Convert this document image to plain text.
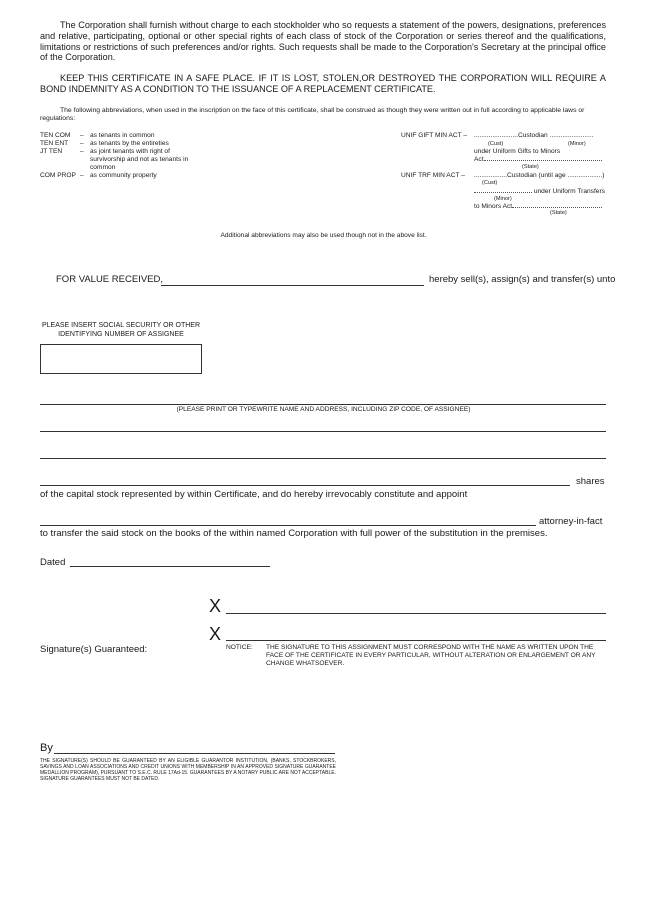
The Corporation shall furnish without charge to each stockholder who so requests a statement of the powers, designations, preferences and relative, participating, optional or other special rights of each class of stock of the Corporation or series thereof and the qualifications, limitations or restrictions of such preferences and/or rights. Such requests shall be made to the Corporation's Secretary at the principal office of the Corporation.
KEEP THIS CERTIFICATE IN A SAFE PLACE. IF IT IS LOST, STOLEN,OR DESTROYED THE CORPORATION WILL REQUIRE A BOND INDEMNITY AS A CONDITION TO THE ISSUANCE OF A REPLACEMENT CERTIFICATE.
The following abbreviations, when used in the inscription on the face of this certificate, shall be construed as though they were written out in full according to applicable laws or regulations:
TEN COM	– as tenants in common
TEN ENT	– as tenants by the entireties
JT TEN	– as joint tenants with right of survivorship and not as tenants in common
COM PROP – as community property
UNIF GIFT MIN ACT – ........................Custodian ........................
(Cust)	(Minor)
under Uniform Gifts to Minors
Act
(State)
UNIF TRF MIN ACT – ..................Custodian (until age ...................)
(Cust)
under Uniform Transfers
(Minor)
to Minors Act
(State)
Additional abbreviations may also be used though not in the above list.
FOR VALUE RECEIVED,	hereby sell(s), assign(s) and transfer(s) unto
PLEASE INSERT SOCIAL SECURITY OR OTHER IDENTIFYING NUMBER OF ASSIGNEE
(PLEASE PRINT OR TYPEWRITE NAME AND ADDRESS, INCLUDING ZIP CODE, OF ASSIGNEE)
shares
of the capital stock represented by within Certificate, and do hereby irrevocably constitute and appoint
attorney-in-fact
to transfer the said stock on the books of the within named Corporation with full power of the substitution in the premises.
Dated
X
X
Signature(s) Guaranteed:	NOTICE: THE SIGNATURE TO THIS ASSIGNMENT MUST CORRESPOND WITH THE NAME AS WRITTEN UPON THE FACE OF THE CERTIFICATE IN EVERY PARTICULAR, WITHOUT ALTERATION OR ENLARGEMENT OR ANY CHANGE WHATSOEVER.
By
THE SIGNATURE(S) SHOULD BE GUARANTEED BY AN ELIGIBLE GUARANTOR INSTITUTION, (BANKS, STOCKBROKERS, SAVINGS AND LOAN ASSOCIATIONS AND CREDIT UNIONS WITH MEMBERSHIP IN AN APPROVED SIGNATURE GUARANTEE MEDALLION PROGRAM), PURSUANT TO S.E.C. RULE 17Ad-15. GUARANTEES BY A NOTARY PUBLIC ARE NOT ACCEPTABLE. SIGNATURE GUARANTEES MUST NOT BE DATED.
